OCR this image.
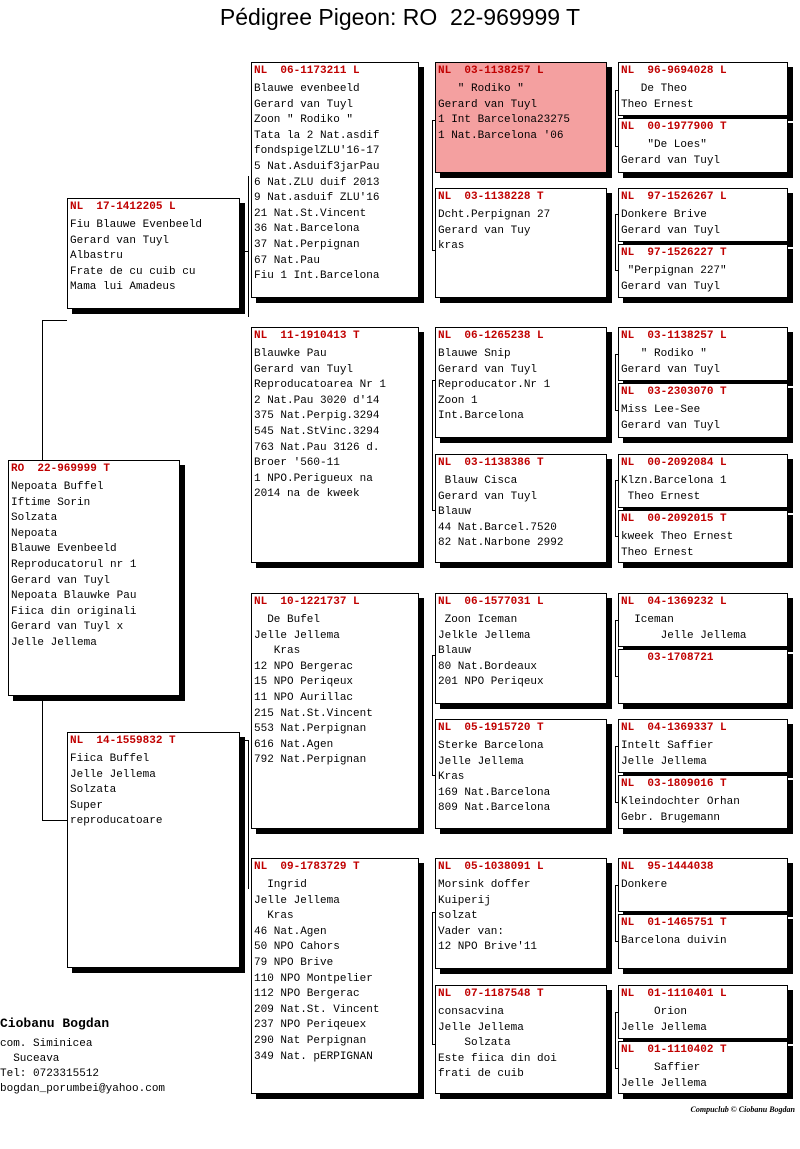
Pédigree Pigeon: RO  22-969999 T
RO  22-969999 T
Nepoata Buffel
Iftime Sorin
Solzata
Nepoata
Blauwe Evenbeeld
Reproducatorul nr 1
Gerard van Tuyl
Nepoata Blauwke Pau
Fiica din originali
Gerard van Tuyl x
Jelle Jellema
NL  17-1412205 L
Fiu Blauwe Evenbeeld
Gerard van Tuyl
Albastru
Frate de cu cuib cu
Mama lui Amadeus
NL  14-1559832 T
Fiica Buffel
Jelle Jellema
Solzata
Super
reproducatoare
NL  06-1173211 L
Blauwe evenbeeld
Gerard van Tuyl
Zoon " Rodiko "
Tata la 2 Nat.asdif
fondspigelZLU'16-17
5 Nat.Asduif3jarPau
6 Nat.ZLU duif 2013
9 Nat.asduif ZLU'16
21 Nat.St.Vincent
36 Nat.Barcelona
37 Nat.Perpignan
67 Nat.Pau
Fiu 1 Int.Barcelona
NL  11-1910413 T
Blauwke Pau
Gerard van Tuyl
Reproducatoarea Nr 1
2 Nat.Pau 3020 d'14
375 Nat.Perpig.3294
545 Nat.StVinc.3294
763 Nat.Pau 3126 d.
Broer '560-11
1 NPO.Perigueux na
2014 na de kweek
NL  10-1221737 L
De Bufel
Jelle Jellema
Kras
12 NPO Bergerac
15 NPO Periqeux
11 NPO Aurillac
215 Nat.St.Vincent
553 Nat.Perpignan
616 Nat.Agen
792 Nat.Perpignan
NL  09-1783729 T
Ingrid
Jelle Jellema
Kras
46 Nat.Agen
50 NPO Cahors
79 NPO Brive
110 NPO Montpelier
112 NPO Bergerac
209 Nat.St. Vincent
237 NPO Periqeuex
290 Nat Perpignan
349 Nat. pERPIGNAN
NL  03-1138257 L
" Rodiko "
Gerard van Tuyl
1 Int Barcelona23275
1 Nat.Barcelona '06
NL  03-1138228 T
Dcht.Perpignan 27
Gerard van Tuy
kras
NL  06-1265238 L
Blauwe Snip
Gerard van Tuyl
Reproducator.Nr 1
Zoon 1
Int.Barcelona
NL  03-1138386 T
Blauw Cisca
Gerard van Tuyl
Blauw
44 Nat.Barcel.7520
82 Nat.Narbone 2992
NL  06-1577031 L
Zoon Iceman
Jelkle Jellema
Blauw
80 Nat.Bordeaux
201 NPO Periqeux
NL  05-1915720 T
Sterke Barcelona
Jelle Jellema
Kras
169 Nat.Barcelona
809 Nat.Barcelona
NL  05-1038091 L
Morsink doffer
Kuiperij
solzat
Vader van:
12 NPO Brive'11
NL  07-1187548 T
consacvina
Jelle Jellema
Solzata
Este fiica din doi
frati de cuib
NL  96-9694028 L
De Theo
Theo Ernest
NL  00-1977900 T
"De Loes"
Gerard van Tuyl
NL  97-1526267 L
Donkere Brive
Gerard van Tuyl
NL  97-1526227 T
"Perpignan 227"
Gerard van Tuyl
NL  03-1138257 L
" Rodiko "
Gerard van Tuyl
NL  03-2303070 T
Miss Lee-See
Gerard van Tuyl
NL  00-2092084 L
Klzn.Barcelona 1
Theo Ernest
NL  00-2092015 T
kweek Theo Ernest
Theo Ernest
NL  04-1369232 L
Iceman
Jelle Jellema
03-1708721
NL  04-1369337 L
Intelt Saffier
Jelle Jellema
NL  03-1809016 T
Kleindochter Orhan
Gebr. Brugemann
NL  95-1444038
Donkere
NL  01-1465751 T
Barcelona duivin
NL  01-1110401 L
Orion
Jelle Jellema
NL  01-1110402 T
Saffier
Jelle Jellema
Ciobanu Bogdan
com. Siminicea
Suceava
Tel: 0723315512
bogdan_porumbei@yahoo.com
Compuclub © Ciobanu Bogdan
